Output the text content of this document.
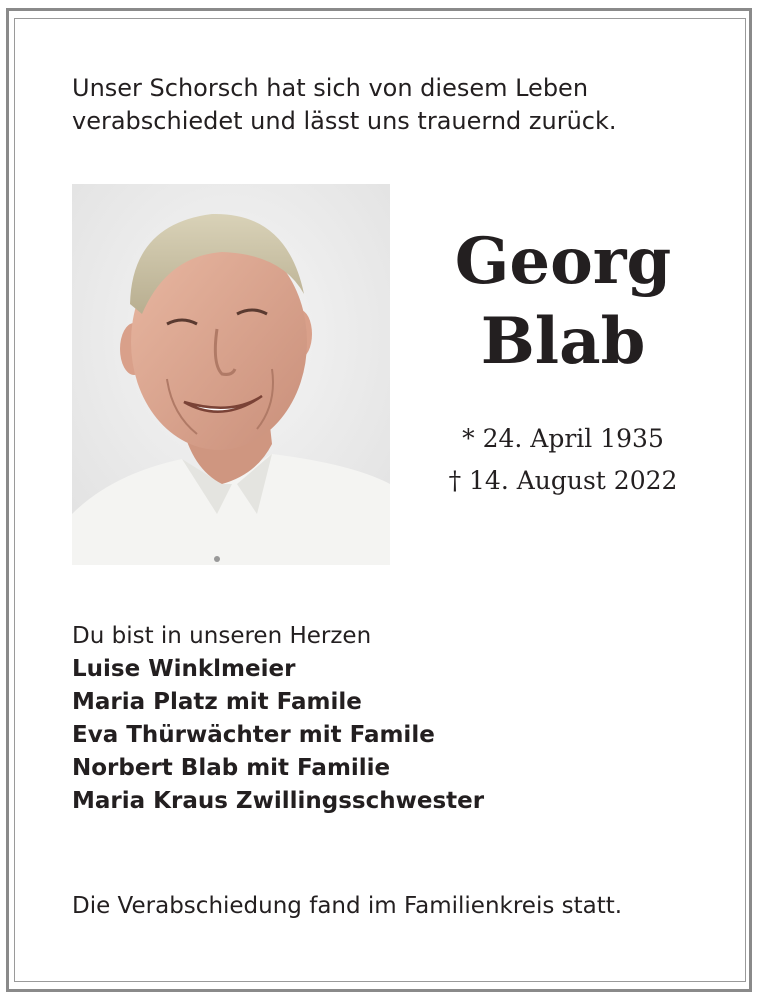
Unser Schorsch hat sich von diesem Leben
verabschiedet und lässt uns trauernd zurück.
Georg
Blab
* 24. April 1935
† 14. August 2022
Du bist in unseren Herzen
Luise Winklmeier
Maria Platz mit Famile
Eva Thürwächter mit Famile
Norbert Blab mit Familie
Maria Kraus Zwillingsschwester
Die Verabschiedung fand im Familienkreis statt.
